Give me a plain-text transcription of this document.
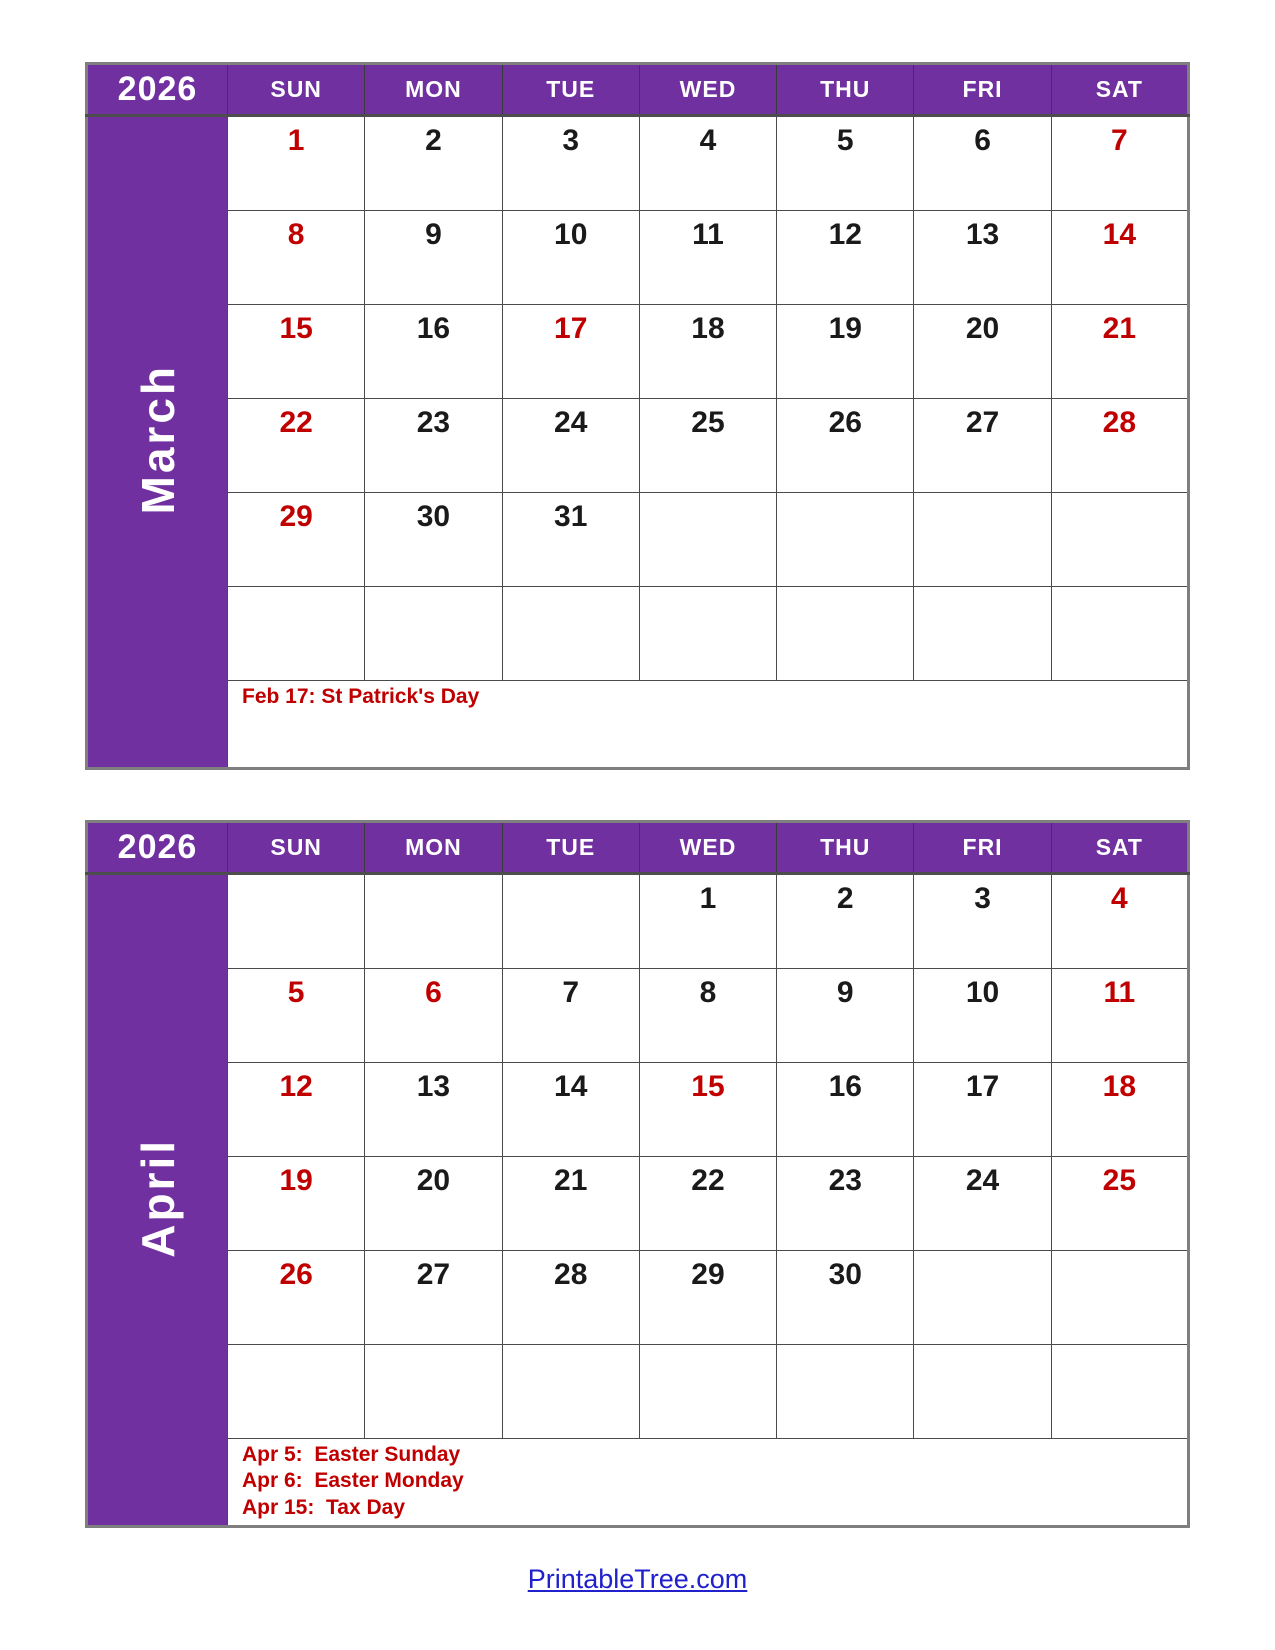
2026	SUN	MON	TUE	WED	THU	FRI	SAT
March	1	2	3	4	5	6	7
	8	9	10	11	12	13	14
	15	16	17	18	19	20	21
	22	23	24	25	26	27	28
	29	30	31				

	Feb 17: St Patrick's Day						
2026	SUN	MON	TUE	WED	THU	FRI	SAT
April				1	2	3	4
	5	6	7	8	9	10	11
	12	13	14	15	16	17	18
	19	20	21	22	23	24	25
	26	27	28	29	30		

	Apr 5:  Easter Sunday
Apr 6:  Easter Monday
Apr 15:  Tax Day						
PrintableTree.com
